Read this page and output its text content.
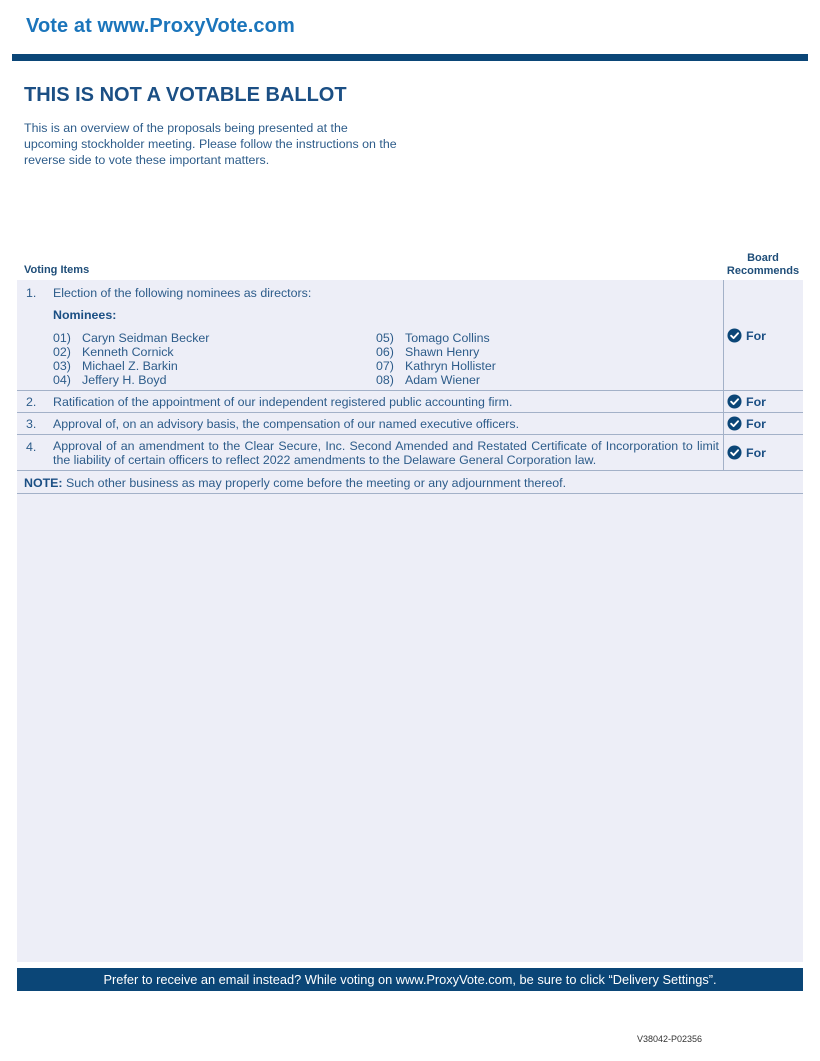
Vote at www.ProxyVote.com
THIS IS NOT A VOTABLE BALLOT
This is an overview of the proposals being presented at the upcoming stockholder meeting. Please follow the instructions on the reverse side to vote these important matters.
Voting Items
Board
Recommends
1. Election of the following nominees as directors:
Nominees:
01) Caryn Seidman Becker
02) Kenneth Cornick
03) Michael Z. Barkin
04) Jeffery H. Boyd
05) Tomago Collins
06) Shawn Henry
07) Kathryn Hollister
08) Adam Wiener
For
2. Ratification of the appointment of our independent registered public accounting firm.	For
3. Approval of, on an advisory basis, the compensation of our named executive officers.	For
4. Approval of an amendment to the Clear Secure, Inc. Second Amended and Restated Certificate of Incorporation to limit the liability of certain officers to reflect 2022 amendments to the Delaware General Corporation law.	For
NOTE: Such other business as may properly come before the meeting or any adjournment thereof.
Prefer to receive an email instead? While voting on www.ProxyVote.com, be sure to click “Delivery Settings”.
V38042-P02356
